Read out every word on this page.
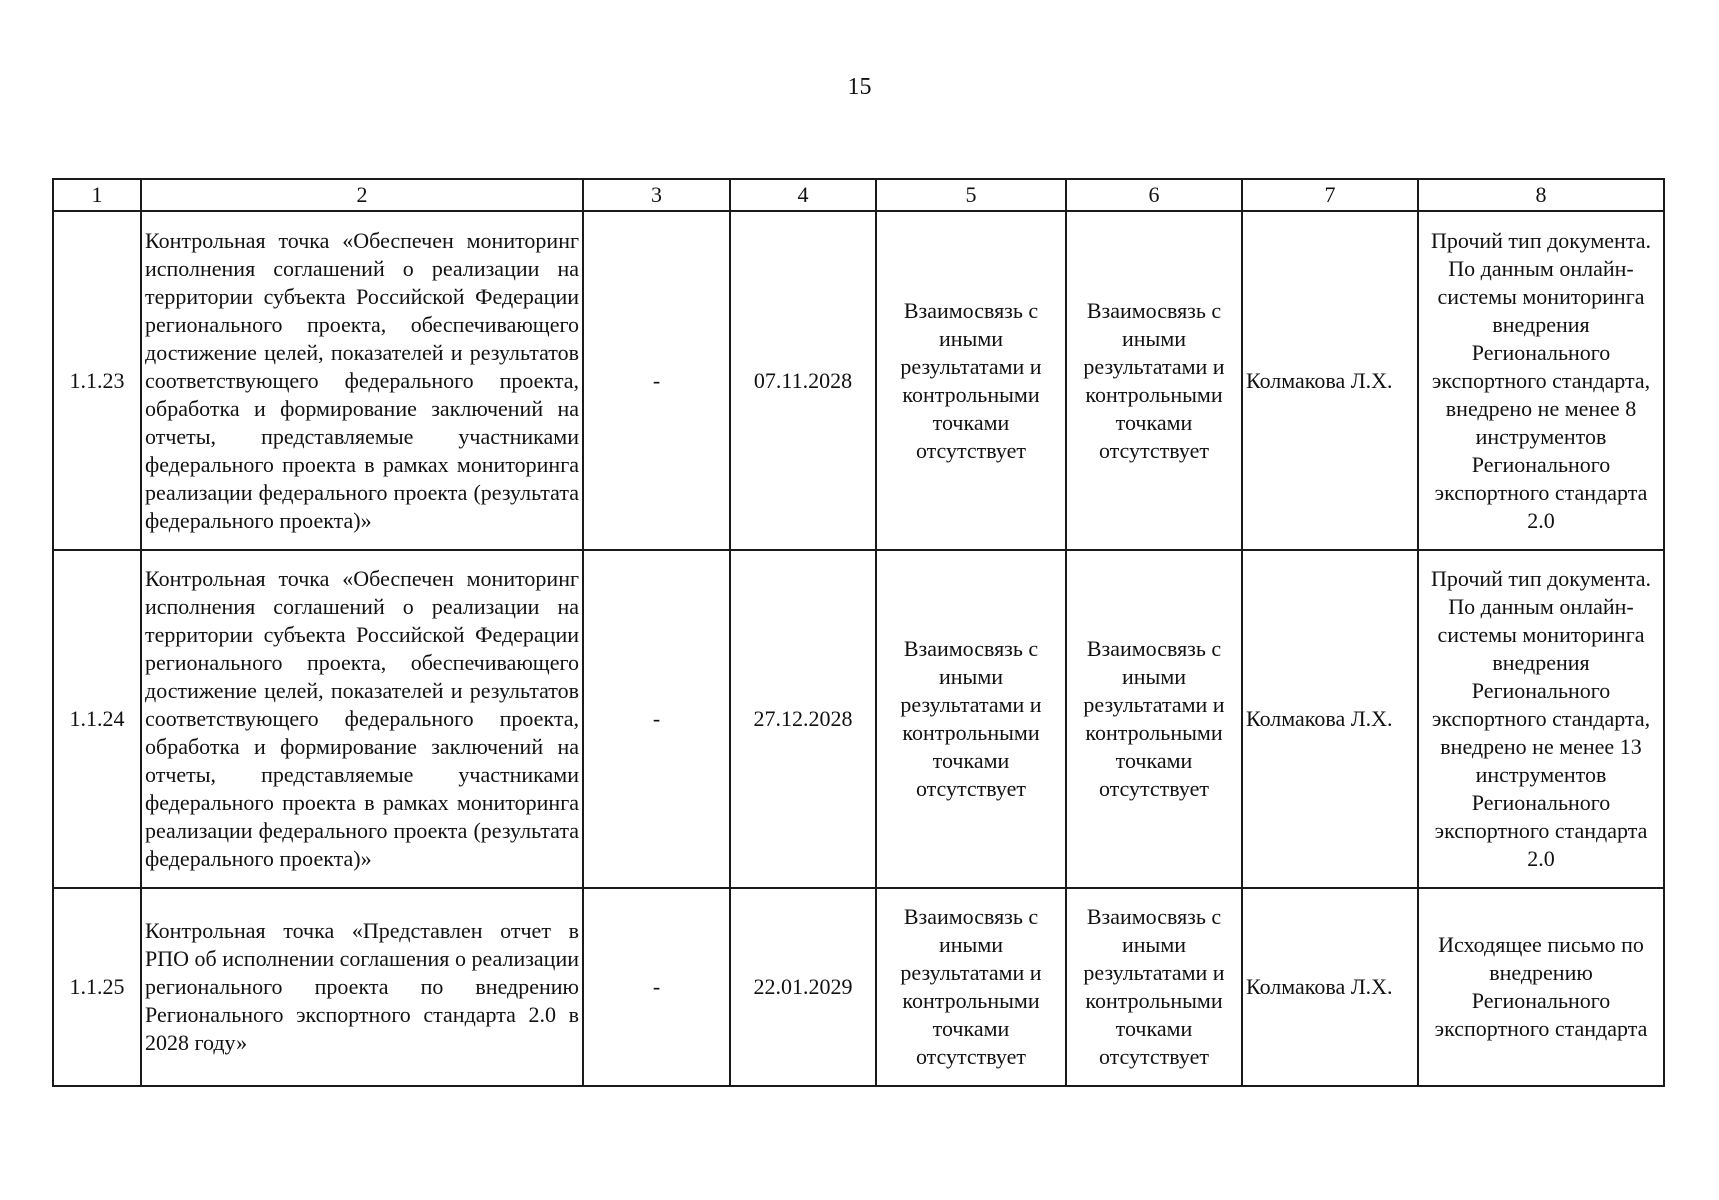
15
1	2	3	4	5	6	7	8
1.1.23	Контрольная точка «Обеспечен мониторинг исполнения соглашений о реализации на территории субъекта Российской Федерации регионального проекта, обеспечивающего достижение целей, показателей и результатов соответствующего федерального проекта, обработка и формирование заключений на отчеты, представляемые участниками федерального проекта в рамках мониторинга реализации федерального проекта (результата федерального проекта)»	-	07.11.2028	Взаимосвязь с иными результатами и контрольными точками отсутствует	Взаимосвязь с иными результатами и контрольными точками отсутствует	Колмакова Л.Х.	Прочий тип документа. По данным онлайн-системы мониторинга внедрения Регионального экспортного стандарта, внедрено не менее 8 инструментов Регионального экспортного стандарта 2.0
1.1.24	Контрольная точка «Обеспечен мониторинг исполнения соглашений о реализации на территории субъекта Российской Федерации регионального проекта, обеспечивающего достижение целей, показателей и результатов соответствующего федерального проекта, обработка и формирование заключений на отчеты, представляемые участниками федерального проекта в рамках мониторинга реализации федерального проекта (результата федерального проекта)»	-	27.12.2028	Взаимосвязь с иными результатами и контрольными точками отсутствует	Взаимосвязь с иными результатами и контрольными точками отсутствует	Колмакова Л.Х.	Прочий тип документа. По данным онлайн-системы мониторинга внедрения Регионального экспортного стандарта, внедрено не менее 13 инструментов Регионального экспортного стандарта 2.0
1.1.25	Контрольная точка «Представлен отчет в РПО об исполнении соглашения о реализации регионального проекта по внедрению Регионального экспортного стандарта 2.0 в 2028 году»	-	22.01.2029	Взаимосвязь с иными результатами и контрольными точками отсутствует	Взаимосвязь с иными результатами и контрольными точками отсутствует	Колмакова Л.Х.	Исходящее письмо по внедрению Регионального экспортного стандарта
